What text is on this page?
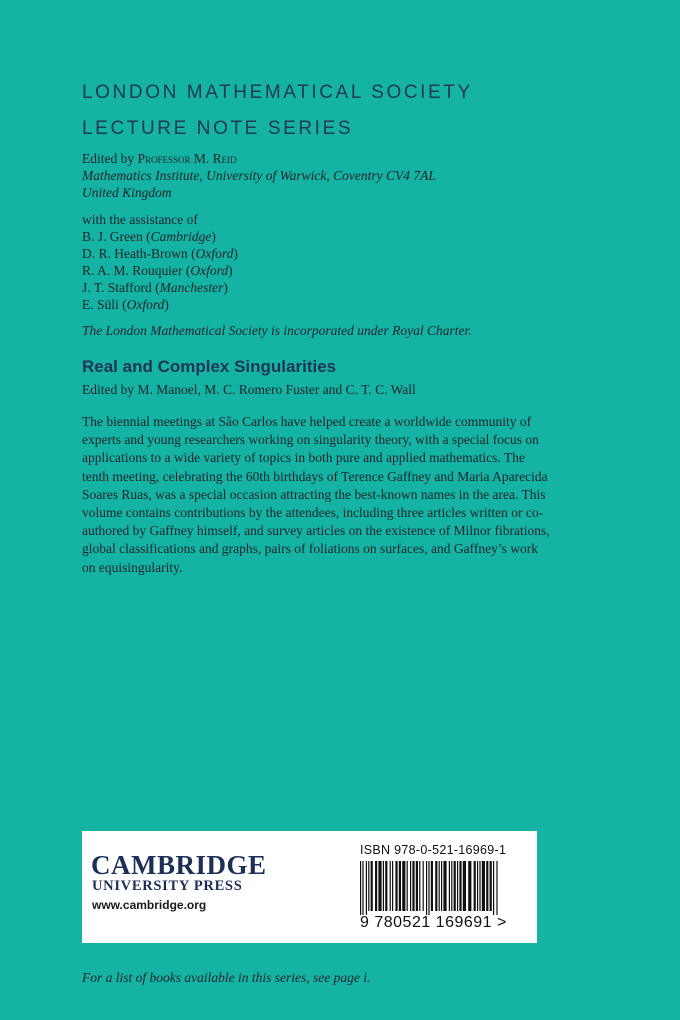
LONDON MATHEMATICAL SOCIETY
LECTURE NOTE SERIES
Edited by Professor M. Reid
Mathematics Institute, University of Warwick, Coventry CV4 7AL
United Kingdom
with the assistance of
B. J. Green (Cambridge)
D. R. Heath-Brown (Oxford)
R. A. M. Rouquier (Oxford)
J. T. Stafford (Manchester)
E. Süli (Oxford)
The London Mathematical Society is incorporated under Royal Charter.
Real and Complex Singularities
Edited by M. Manoel, M. C. Romero Fuster and C. T. C. Wall
The biennial meetings at São Carlos have helped create a worldwide community of experts and young researchers working on singularity theory, with a special focus on applications to a wide variety of topics in both pure and applied mathematics. The tenth meeting, celebrating the 60th birthdays of Terence Gaffney and Maria Aparecida Soares Ruas, was a special occasion attracting the best-known names in the area. This volume contains contributions by the attendees, including three articles written or co-authored by Gaffney himself, and survey articles on the existence of Milnor fibrations, global classifications and graphs, pairs of foliations on surfaces, and Gaffney’s work on equisingularity.
CAMBRIDGE
UNIVERSITY PRESS
www.cambridge.org
ISBN 978-0-521-16969-1
9 780521 169691 >
For a list of books available in this series, see page i.
